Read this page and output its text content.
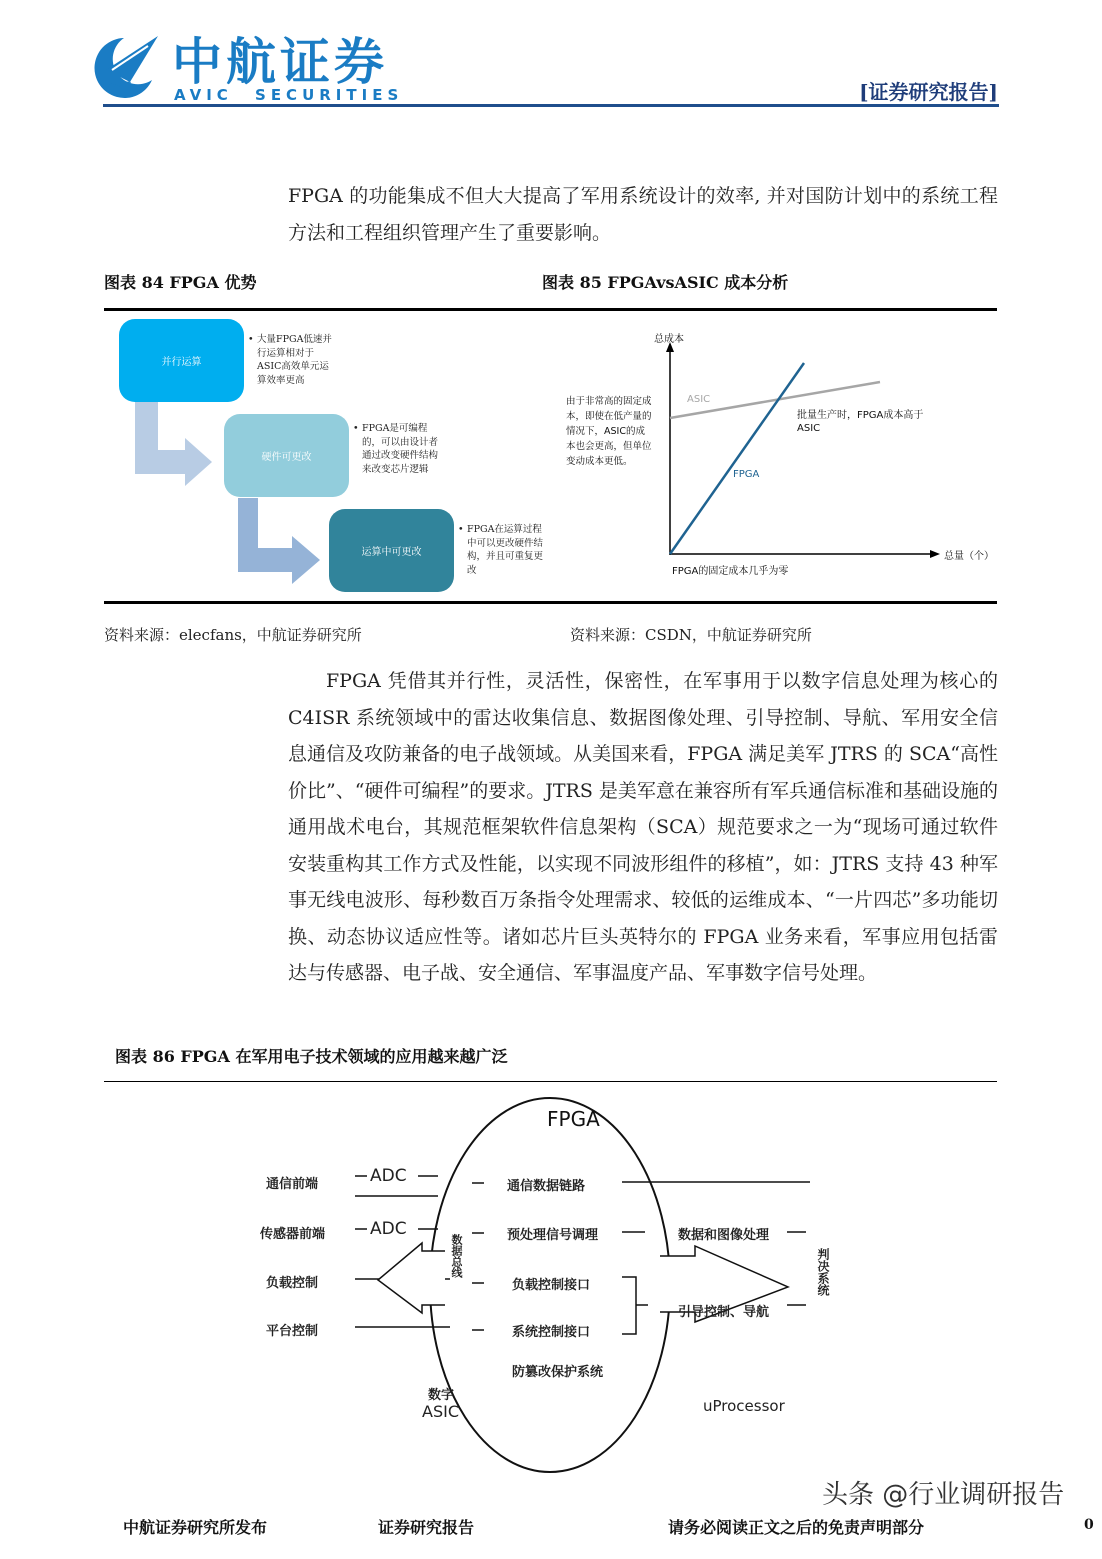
AVIC 中航证券
AVIC SECURITIES	[证券研究报告]

FPGA 的功能集成不但大大提高了军用系统设计的效率, 并对国防计划中的系统工程方法和工程组织管理产生了重要影响。

图表 84 FPGA 优势	图表 85 FPGAvsASIC 成本分析
并行运算
• 大量FPGA低速并行运算相对于ASIC高效单元运算效率更高
硬件可更改
• FPGA是可编程的，可以由设计者通过改变硬件结构来改变芯片逻辑
运算中可更改
• FPGA在运算过程中可以更改硬件结构，并且可重复更改
总成本
总量（个）
由于非常高的固定成本，即使在低产量的情况下，ASIC的成本也会更高，但单位变动成本更低。
ASIC
FPGA
批量生产时，FPGA成本高于
ASIC
FPGA的固定成本几乎为零
资料来源：elecfans，中航证券研究所	资料来源：CSDN，中航证券研究所

FPGA 凭借其并行性，灵活性，保密性，在军事用于以数字信息处理为核心的 C4ISR 系统领域中的雷达收集信息、数据图像处理、引导控制、导航、军用安全信息通信及攻防兼备的电子战领域。从美国来看，FPGA 满足美军 JTRS 的 SCA“高性价比”、“硬件可编程”的要求。JTRS 是美军意在兼容所有军兵通信标准和基础设施的通用战术电台，其规范框架软件信息架构（SCA）规范要求之一为“现场可通过软件安装重构其工作方式及性能，以实现不同波形组件的移植”，如：JTRS 支持 43 种军事无线电波形、每秒数百万条指令处理需求、较低的运维成本、“一片四芯”多功能切换、动态协议适应性等。诸如芯片巨头英特尔的 FPGA 业务来看，军事应用包括雷达与传感器、电子战、安全通信、军事温度产品、军事数字信号处理。

图表 86 FPGA 在军用电子技术领域的应用越来越广泛
FPGA
通信前端
传感器前端
负载控制
平台控制
ADC
ADC
数据总线
通信数据链路
预处理信号调理
负载控制接口
系统控制接口
防篡改保护系统
数据和图像处理
引导控制、导航
判决系统
数字
ASIC	uProcessor
中航证券研究所发布	证券研究报告	请务必阅读正文之后的免责声明部分	0
头条 @行业调研报告
